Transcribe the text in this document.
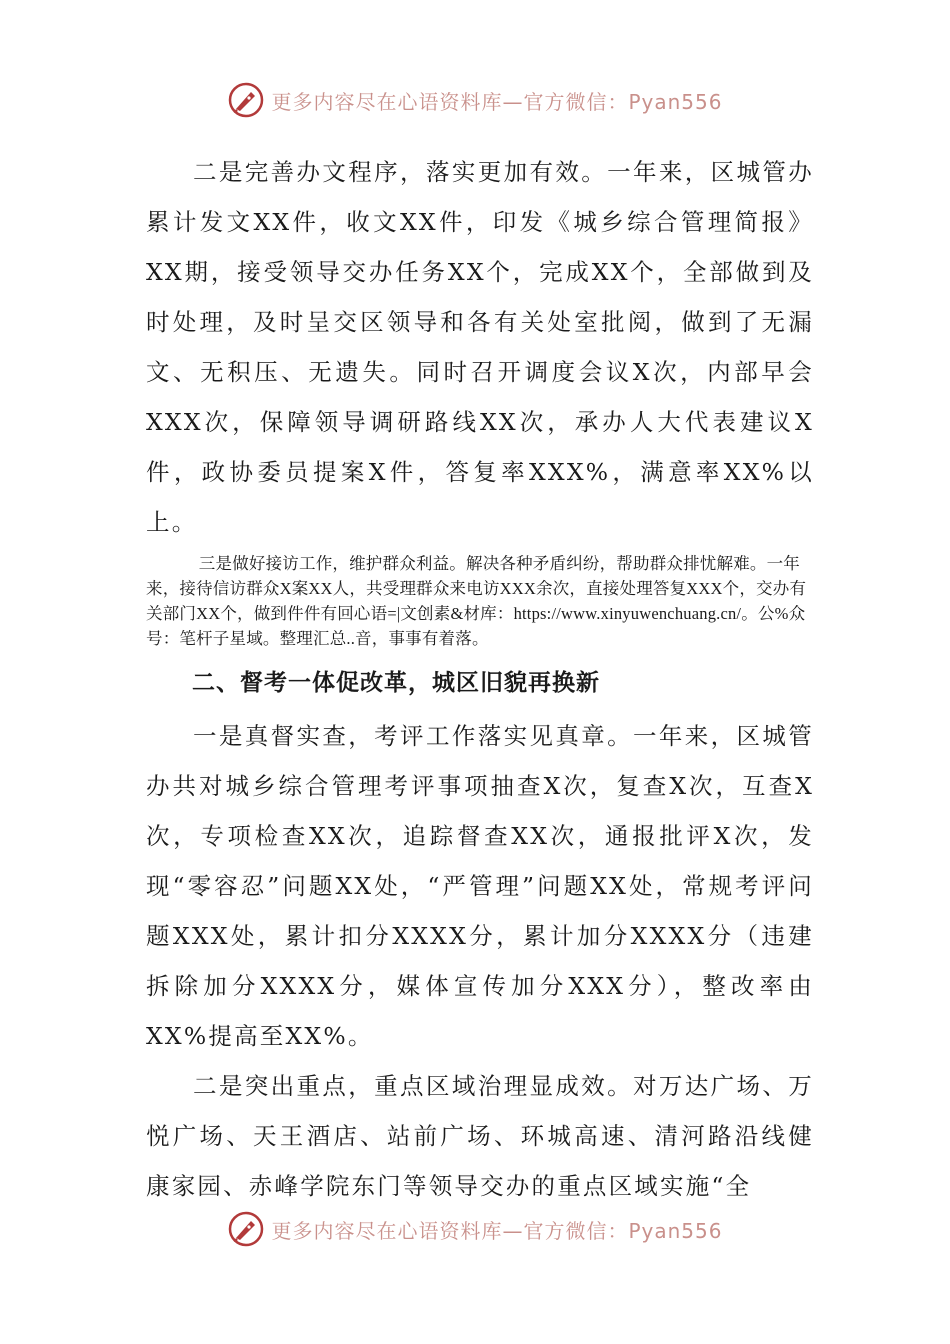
更多内容尽在心语资料库—官方微信：Pyan556

二是完善办文程序，落实更加有效。一年来，区城管办累计发文XX件，收文XX件，印发《城乡综合管理简报》XX期，接受领导交办任务XX个，完成XX个，全部做到及时处理，及时呈交区领导和各有关处室批阅，做到了无漏文、无积压、无遗失。同时召开调度会议X次，内部早会XXX次，保障领导调研路线XX次，承办人大代表建议X件，政协委员提案X件，答复率XXX%，满意率XX%以上。

三是做好接访工作，维护群众利益。解决各种矛盾纠纷，帮助群众排忧解难。一年来，接待信访群众X案XX人，共受理群众来电访XXX余次，直接处理答复XXX个，交办有关部门XX个，做到件件有回心语=|文创素&材库：https://www.xinyuwenchuang.cn/。公%众号：笔杆子星域。整理汇总..音，事事有着落。

二、督考一体促改革，城区旧貌再换新

一是真督实查，考评工作落实见真章。一年来，区城管办共对城乡综合管理考评事项抽查X次，复查X次，互查X次，专项检查XX次，追踪督查XX次，通报批评X次，发现“零容忍”问题XX处，“严管理”问题XX处，常规考评问题XXX处，累计扣分XXXX分，累计加分XXXX分（违建拆除加分XXXX分，媒体宣传加分XXX分），整改率由XX%提高至XX%。

二是突出重点，重点区域治理显成效。对万达广场、万悦广场、天王酒店、站前广场、环城高速、清河路沿线健康家园、赤峰学院东门等领导交办的重点区域实施“全

更多内容尽在心语资料库—官方微信：Pyan556
